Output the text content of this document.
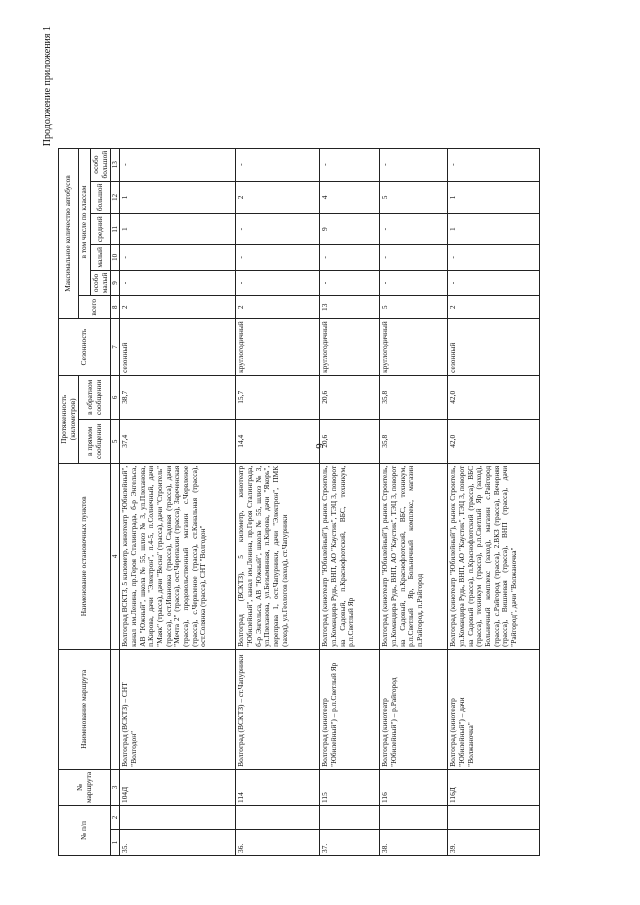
6
Продолжение приложения 1
№ п/п		№ маршрута	Наименование маршрута	Наименование остановочных пунктов	Протяженность (километров)		Сезонность	Максимальное количество автобусов					
					в прямом сообщении	в обратном сообщении		всего	в том числе по классам				
									особо малый	малый	средний	большой	особо большой
1	2	3		4	5	6	7	8	9	10	11	12	13
35.		104Д	Волгоград (ВСКТЗ) – СНТ "Волгодон"	Волгоград ВСКТЗ, 5 километр, кинотеатр "Юбилейный", канал им.Ленина, пр.Героя Сталинграда, б-р Энгельса, АВ "Южный", школа № 55, шлюз № 3, ул.Плеханова, п.Кирова, дачи "Электрон", п.4-5, п.Солнечный, дачи "Маяк" (трасса), дачи "Весна" (трасса), дачи "Строитель" (трасса), ост.Ивановка (трасса), Садовая (трасса), дачи "Мечта 2" (трасса), ост.Черепахин (трасса), Зареченская (трасса), продовольственный магазин с.Червленое (трасса), с.Червленое (трасса), ст.Канальная (трасса), ост.Солянка (трасса), СНТ "Волгодон"	37,4	38,7	сезонный	2	-	-	1	1	-
36.		114	Волгоград (ВСКТЗ) – ст.Чапурники	Волгоград (ВСКТЗ), 5 километр, кинотеатр "Юбилейный", канал им.Ленина, пр.Героя Сталинграда, б-р Энгельса, АВ "Южный", школа № 55, шлюз № 3, ул.Плеханова, ул.Безымянная, п.Кирова, дачи "Якорь", переправа 1, ост.Чапурники, дачи "Электрон", ПМК (заход), ул.Геологов (заход), ст.Чапурники	14,4	15,7	круглогодичный	2	-	-	-	2	-
37.		115	Волгоград (кинотеатр "Юбилейный") – р.п.Светлый Яр	Волгоград (кинотеатр "Юбилейный"), рынок Строитель, ул.Командира Рудь, ВНП, АО "Каустик", ТЭЦ 3, поворот на Садовый, п.Краснофлотский, ВБС, техникум, р.п.Светлый Яр	20,6	20,6	круглогодичный	13	-	-	9	4	-
38.		116	Волгоград (кинотеатр "Юбилейный") – р.Райгород	Волгоград (кинотеатр "Юбилейный"), рынок Строитель, ул.Командира Рудь, ВНП, АО "Каустик", ТЭЦ 3, поворот на Садовый, п.Краснофлотский, ВБС, техникум, р.п.Светлый Яр, Больничный комплекс, магазин п.Райгород, п.Райгород	35,8	35,8	круглогодичный	5	-	-	-	5	-
39.		116Д	Волгоград (кинотеатр "Юбилейный") – дачи "Волжаночка"	Волгоград (кинотеатр "Юбилейный"), рынок Строитель, ул.Командира Рудь, ВНП, АО "Каустик", ТЭЦ 3, поворот на Садовый (трасса), п.Краснофлотский (трасса), ВБС (трасса), техникум (трасса), р.п.Светлый Яр (заход), Больничный комплекс (заход), магазин с.Райгород (трасса), с.Райгород (трасса), 2.ВКЗ (трасса), Вечерняя (трасса), Вишневая (трасса), ВНП (трасса), дачи "Райгород", дачи "Волжаночка"	42,0	42,0	сезонный	2	-	-	1	1	-
